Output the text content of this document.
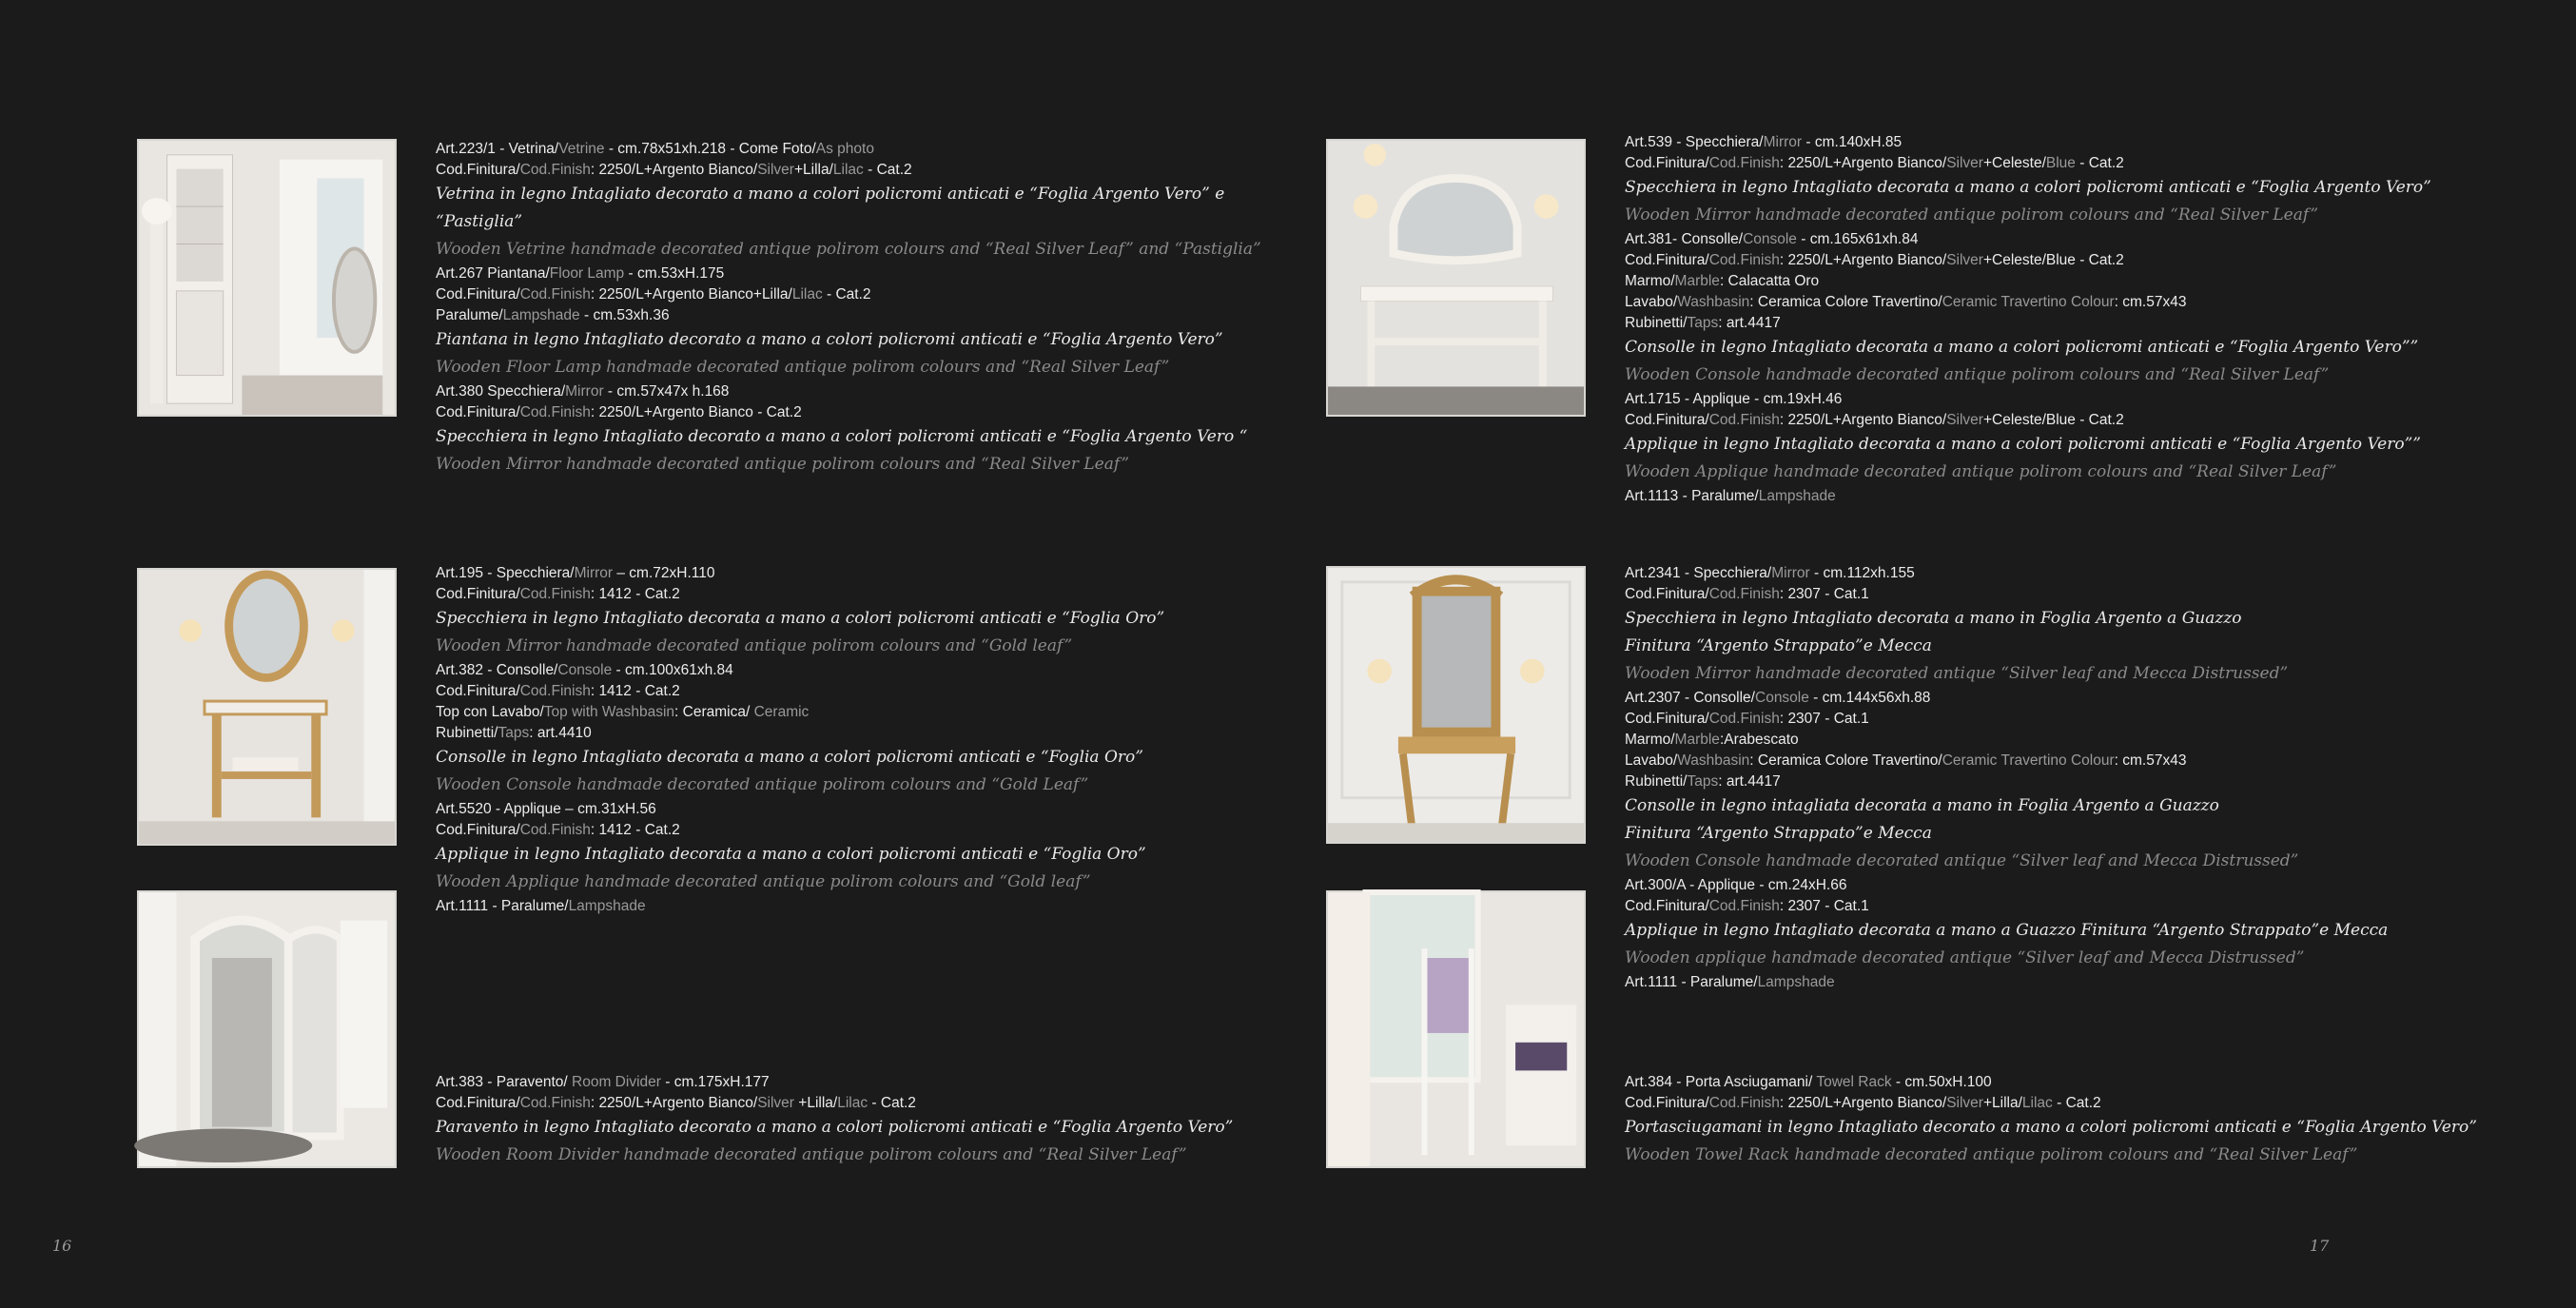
Art.223/1 - Vetrina/Vetrine - cm.78x51xh.218 - Come Foto/As photo
Cod.Finitura/Cod.Finish: 2250/L+Argento Bianco/Silver+Lilla/Lilac - Cat.2
Vetrina in legno Intagliato decorato a mano a colori policromi anticati e “Foglia Argento Vero” e
“Pastiglia”
Wooden Vetrine handmade decorated antique polirom colours and “Real Silver Leaf” and “Pastiglia”
Art.267 Piantana/Floor Lamp - cm.53xH.175
Cod.Finitura/Cod.Finish: 2250/L+Argento Bianco+Lilla/Lilac - Cat.2
Paralume/Lampshade - cm.53xh.36
Piantana in legno Intagliato decorato a mano a colori policromi anticati e “Foglia Argento Vero”
Wooden Floor Lamp handmade decorated antique polirom colours and “Real Silver Leaf”
Art.380 Specchiera/Mirror - cm.57x47x h.168
Cod.Finitura/Cod.Finish: 2250/L+Argento Bianco - Cat.2
Specchiera in legno Intagliato decorato a mano a colori policromi anticati e “Foglia Argento Vero “
Wooden Mirror handmade decorated antique polirom colours and “Real Silver Leaf”
Art.195 - Specchiera/Mirror – cm.72xH.110
Cod.Finitura/Cod.Finish: 1412 - Cat.2
Specchiera in legno Intagliato decorata a mano a colori policromi anticati e “Foglia Oro”
Wooden Mirror handmade decorated antique polirom colours and “Gold leaf”
Art.382 - Consolle/Console - cm.100x61xh.84
Cod.Finitura/Cod.Finish: 1412 - Cat.2
Top con Lavabo/Top with Washbasin: Ceramica/ Ceramic
Rubinetti/Taps: art.4410
Consolle in legno Intagliato decorata a mano a colori policromi anticati e “Foglia Oro”
Wooden Console handmade decorated antique polirom colours and “Gold Leaf”
Art.5520 - Applique – cm.31xH.56
Cod.Finitura/Cod.Finish: 1412 - Cat.2
Applique in legno Intagliato decorata a mano a colori policromi anticati e “Foglia Oro”
Wooden Applique handmade decorated antique polirom colours and “Gold leaf”
Art.1111 - Paralume/Lampshade
Art.383 - Paravento/ Room Divider - cm.175xH.177
Cod.Finitura/Cod.Finish: 2250/L+Argento Bianco/Silver +Lilla/Lilac - Cat.2
Paravento in legno Intagliato decorato a mano a colori policromi anticati e “Foglia Argento Vero”
Wooden Room Divider handmade decorated antique polirom colours and “Real Silver Leaf”
Art.539 - Specchiera/Mirror - cm.140xH.85
Cod.Finitura/Cod.Finish: 2250/L+Argento Bianco/Silver+Celeste/Blue - Cat.2
Specchiera in legno Intagliato decorata a mano a colori policromi anticati e “Foglia Argento Vero”
Wooden Mirror handmade decorated antique polirom colours and “Real Silver Leaf”
Art.381- Consolle/Console - cm.165x61xh.84
Cod.Finitura/Cod.Finish: 2250/L+Argento Bianco/Silver+Celeste/Blue - Cat.2
Marmo/Marble: Calacatta Oro
Lavabo/Washbasin: Ceramica Colore Travertino/Ceramic Travertino Colour: cm.57x43
Rubinetti/Taps: art.4417
Consolle in legno Intagliato decorata a mano a colori policromi anticati e “Foglia Argento Vero””
Wooden Console handmade decorated antique polirom colours and “Real Silver Leaf”
Art.1715 - Applique - cm.19xH.46
Cod.Finitura/Cod.Finish: 2250/L+Argento Bianco/Silver+Celeste/Blue - Cat.2
Applique in legno Intagliato decorata a mano a colori policromi anticati e “Foglia Argento Vero””
Wooden Applique handmade decorated antique polirom colours and “Real Silver Leaf”
Art.1113 - Paralume/Lampshade
Art.2341 - Specchiera/Mirror - cm.112xh.155
Cod.Finitura/Cod.Finish: 2307 - Cat.1
Specchiera in legno Intagliato decorata a mano in Foglia Argento a Guazzo
Finitura “Argento Strappato”e Mecca
Wooden Mirror handmade decorated antique “Silver leaf and Mecca Distrussed”
Art.2307 - Consolle/Console - cm.144x56xh.88
Cod.Finitura/Cod.Finish: 2307 - Cat.1
Marmo/Marble:Arabescato
Lavabo/Washbasin: Ceramica Colore Travertino/Ceramic Travertino Colour: cm.57x43
Rubinetti/Taps: art.4417
Consolle in legno intagliata decorata a mano in Foglia Argento a Guazzo
Finitura “Argento Strappato”e Mecca
Wooden Console handmade decorated antique “Silver leaf and Mecca Distrussed”
Art.300/A - Applique - cm.24xH.66
Cod.Finitura/Cod.Finish: 2307 - Cat.1
Applique in legno Intagliato decorata a mano a Guazzo Finitura “Argento Strappato”e Mecca
Wooden applique handmade decorated antique “Silver leaf and Mecca Distrussed”
Art.1111 - Paralume/Lampshade
Art.384 - Porta Asciugamani/ Towel Rack - cm.50xH.100
Cod.Finitura/Cod.Finish: 2250/L+Argento Bianco/Silver+Lilla/Lilac - Cat.2
Portasciugamani in legno Intagliato decorato a mano a colori policromi anticati e “Foglia Argento Vero”
Wooden Towel Rack handmade decorated antique polirom colours and “Real Silver Leaf”
16	17
